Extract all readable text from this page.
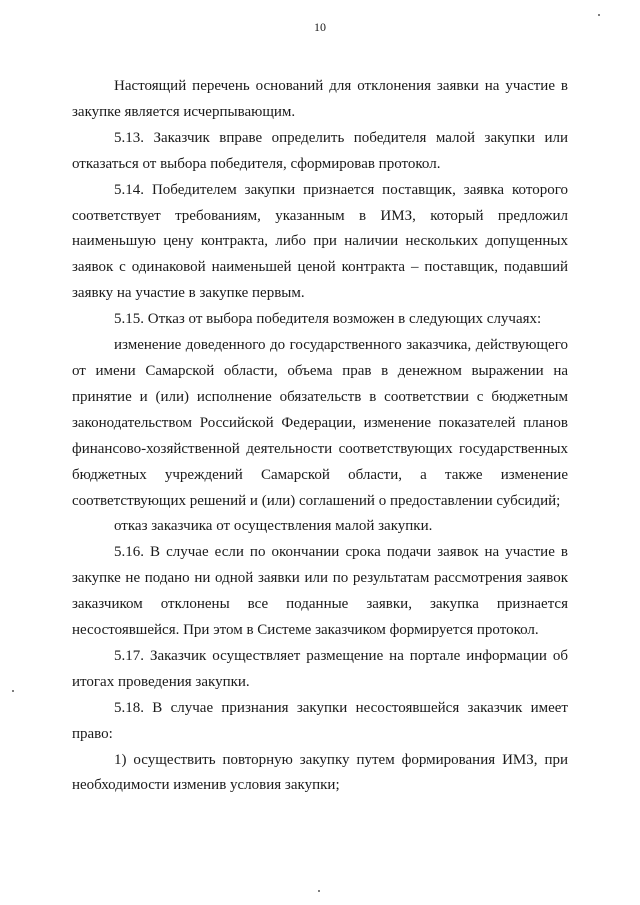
10

Настоящий перечень оснований для отклонения заявки на участие в закупке является исчерпывающим.

5.13. Заказчик вправе определить победителя малой закупки или отказаться от выбора победителя, сформировав протокол.

5.14. Победителем закупки признается поставщик, заявка которого соответствует требованиям, указанным в ИМЗ, который предложил наименьшую цену контракта, либо при наличии нескольких допущенных заявок с одинаковой наименьшей ценой контракта – поставщик, подавший заявку на участие в закупке первым.

5.15. Отказ от выбора победителя возможен в следующих случаях:

изменение доведенного до государственного заказчика, действующего от имени Самарской области, объема прав в денежном выражении на принятие и (или) исполнение обязательств в соответствии с бюджетным законодательством Российской Федерации, изменение показателей планов финансово-хозяйственной деятельности соответствующих государственных бюджетных учреждений Самарской области, а также изменение соответствующих решений и (или) соглашений о предоставлении субсидий;

отказ заказчика от осуществления малой закупки.

5.16. В случае если по окончании срока подачи заявок на участие в закупке не подано ни одной заявки или по результатам рассмотрения заявок заказчиком отклонены все поданные заявки, закупка признается несостоявшейся. При этом в Системе заказчиком формируется протокол.

5.17. Заказчик осуществляет размещение на портале информации об итогах проведения закупки.

5.18. В случае признания закупки несостоявшейся заказчик имеет право:

1) осуществить повторную закупку путем формирования ИМЗ, при необходимости изменив условия закупки;
